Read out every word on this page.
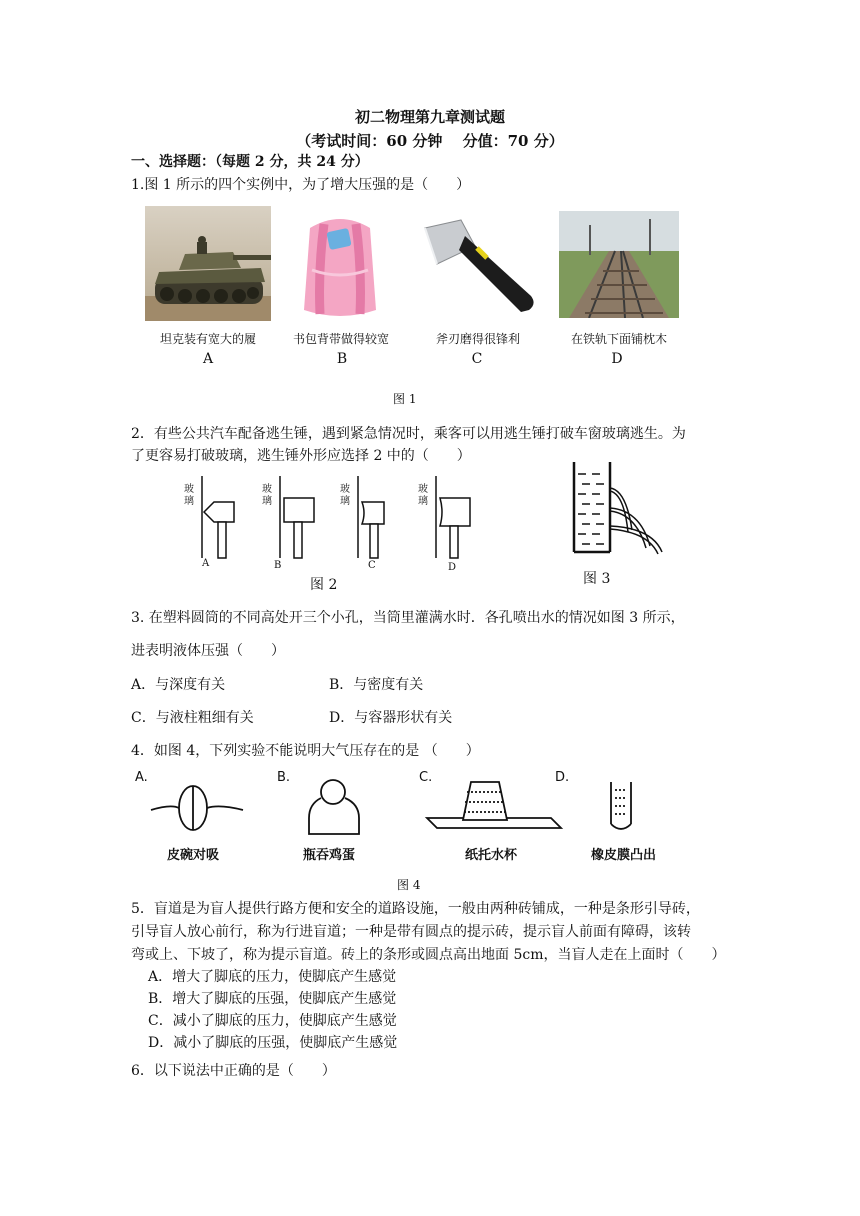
初二物理第九章测试题
（考试时间：60 分钟　 分值：70 分）
一、选择题：（每题 2 分，共 24 分）
1.图 1 所示的四个实例中，为了增大压强的是（　　）
坦克装有宽大的履	书包背带做得较宽	斧刃磨得很锋利	在铁轨下面铺枕木
A	B	C	D
图 1
2．有些公共汽车配备逃生锤，遇到紧急情况时，乘客可以用逃生锤打破车窗玻璃逃生。为
了更容易打破玻璃，逃生锤外形应选择 2 中的（　　）
玻璃
玻璃
玻璃
玻璃
A	B	C	D
图 2	图 3
3. 在塑料圆筒的不同高处开三个小孔，当筒里灌满水时．各孔喷出水的情况如图 3 所示，
进表明液体压强（　　）
A．与深度有关	B．与密度有关
C．与液柱粗细有关	D．与容器形状有关
4．如图 4，下列实验不能说明大气压存在的是 （　　）
A.	B.	C.	D.
皮碗对吸	瓶吞鸡蛋	纸托水杯	橡皮膜凸出
图 4
5．盲道是为盲人提供行路方便和安全的道路设施，一般由两种砖铺成，一种是条形引导砖，
引导盲人放心前行，称为行进盲道；一种是带有圆点的提示砖，提示盲人前面有障碍，该转
弯或上、下坡了，称为提示盲道。砖上的条形或圆点高出地面 5cm，当盲人走在上面时（　　）
A．增大了脚底的压力，使脚底产生感觉
B．增大了脚底的压强，使脚底产生感觉
C．减小了脚底的压力，使脚底产生感觉
D．减小了脚底的压强，使脚底产生感觉
6．以下说法中正确的是（　　）
